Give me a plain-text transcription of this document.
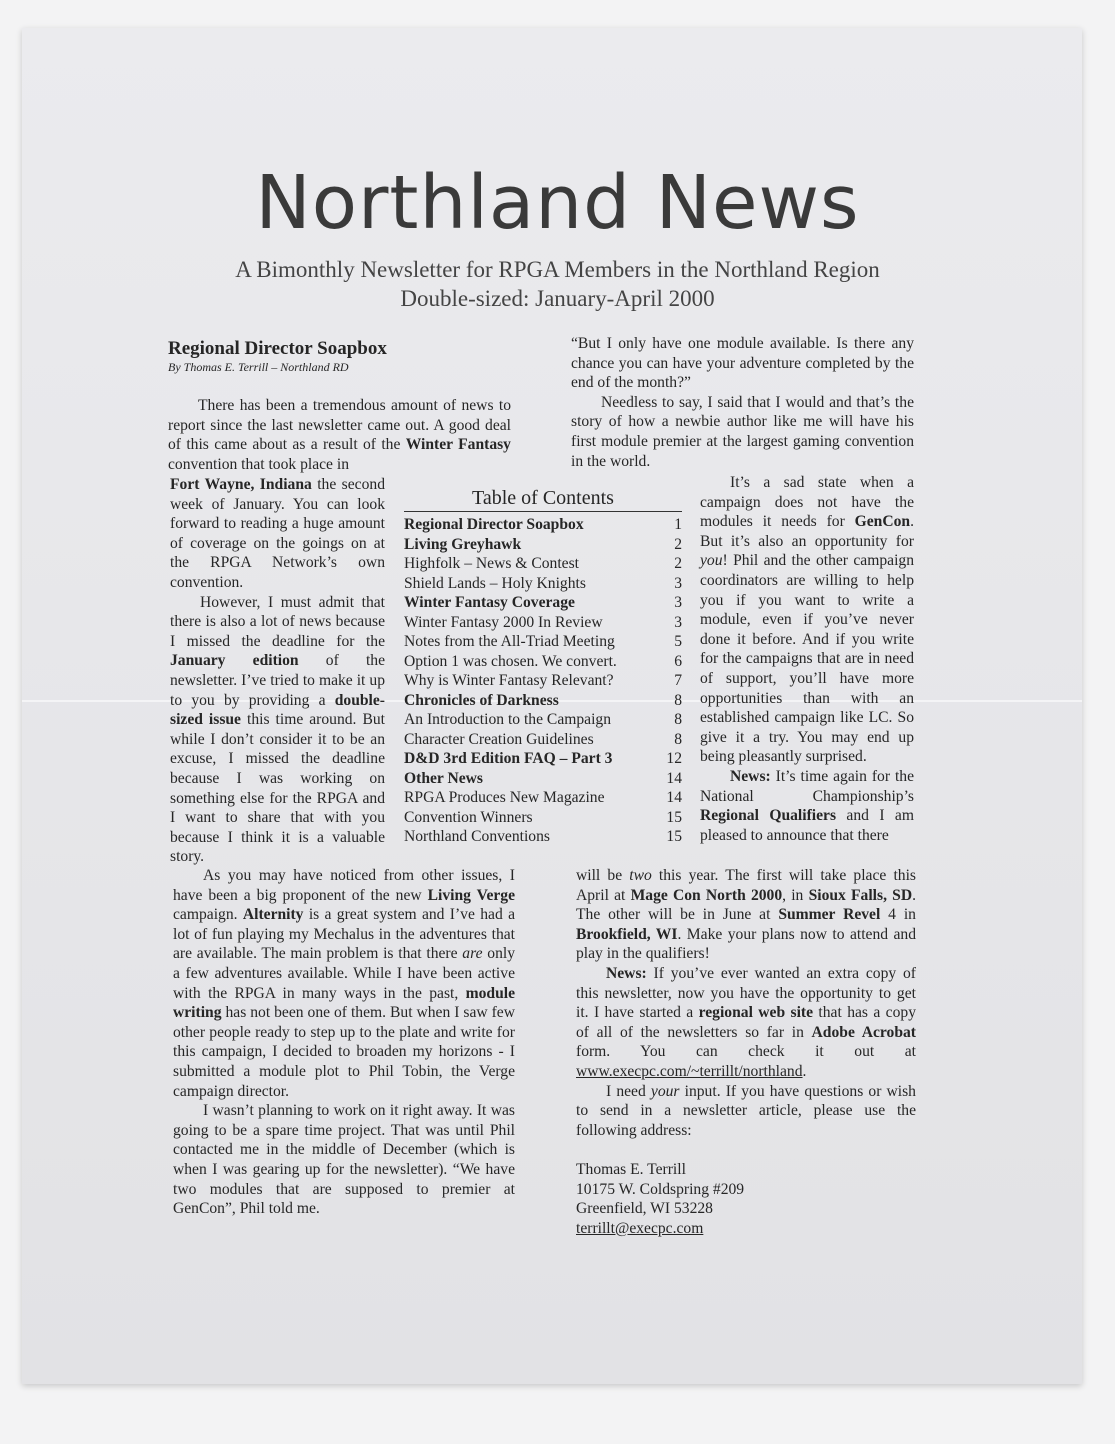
Northland News
A Bimonthly Newsletter for RPGA Members in the Northland Region
Double-sized: January-April 2000
Regional Director Soapbox
By Thomas E. Terrill – Northland RD

There has been a tremendous amount of news to report since the last newsletter came out. A good deal of this came about as a result of the Winter Fantasy convention that took place in

Fort Wayne, Indiana the second week of January. You can look forward to reading a huge amount of coverage on the goings on at the RPGA Network’s own convention.

However, I must admit that there is also a lot of news because I missed the deadline for the January edition of the newsletter. I’ve tried to make it up to you by providing a double-sized issue this time around. But while I don’t consider it to be an excuse, I missed the deadline because I was working on something else for the RPGA and I want to share that with you because I think it is a valuable story.

Table of Contents
Regional Director Soapbox	1
Living Greyhawk	2
Highfolk – News & Contest	2
Shield Lands – Holy Knights	3
Winter Fantasy Coverage	3
Winter Fantasy 2000 In Review	3
Notes from the All-Triad Meeting	5
Option 1 was chosen. We convert.	6
Why is Winter Fantasy Relevant?	7
Chronicles of Darkness	8
An Introduction to the Campaign	8
Character Creation Guidelines	8
D&D 3rd Edition FAQ – Part 3	12
Other News	14
RPGA Produces New Magazine	14
Convention Winners	15
Northland Conventions	15

As you may have noticed from other issues, I have been a big proponent of the new Living Verge campaign. Alternity is a great system and I’ve had a lot of fun playing my Mechalus in the adventures that are available. The main problem is that there are only a few adventures available. While I have been active with the RPGA in many ways in the past, module writing has not been one of them. But when I saw few other people ready to step up to the plate and write for this campaign, I decided to broaden my horizons - I submitted a module plot to Phil Tobin, the Verge campaign director.

I wasn’t planning to work on it right away. It was going to be a spare time project. That was until Phil contacted me in the middle of December (which is when I was gearing up for the newsletter). “We have two modules that are supposed to premier at GenCon”, Phil told me.

“But I only have one module available. Is there any chance you can have your adventure completed by the end of the month?”

Needless to say, I said that I would and that’s the story of how a newbie author like me will have his first module premier at the largest gaming convention in the world.

It’s a sad state when a campaign does not have the modules it needs for GenCon. But it’s also an opportunity for you! Phil and the other campaign coordinators are willing to help you if you want to write a module, even if you’ve never done it before. And if you write for the campaigns that are in need of support, you’ll have more opportunities than with an established campaign like LC. So give it a try. You may end up being pleasantly surprised.

News: It’s time again for the National Championship’s Regional Qualifiers and I am pleased to announce that there

will be two this year. The first will take place this April at Mage Con North 2000, in Sioux Falls, SD. The other will be in June at Summer Revel 4 in Brookfield, WI. Make your plans now to attend and play in the qualifiers!

News: If you’ve ever wanted an extra copy of this newsletter, now you have the opportunity to get it. I have started a regional web site that has a copy of all of the newsletters so far in Adobe Acrobat form. You can check it out at www.execpc.com/~terrillt/northland.

I need your input. If you have questions or wish to send in a newsletter article, please use the following address:

Thomas E. Terrill
10175 W. Coldspring #209
Greenfield, WI 53228
terrillt@execpc.com
